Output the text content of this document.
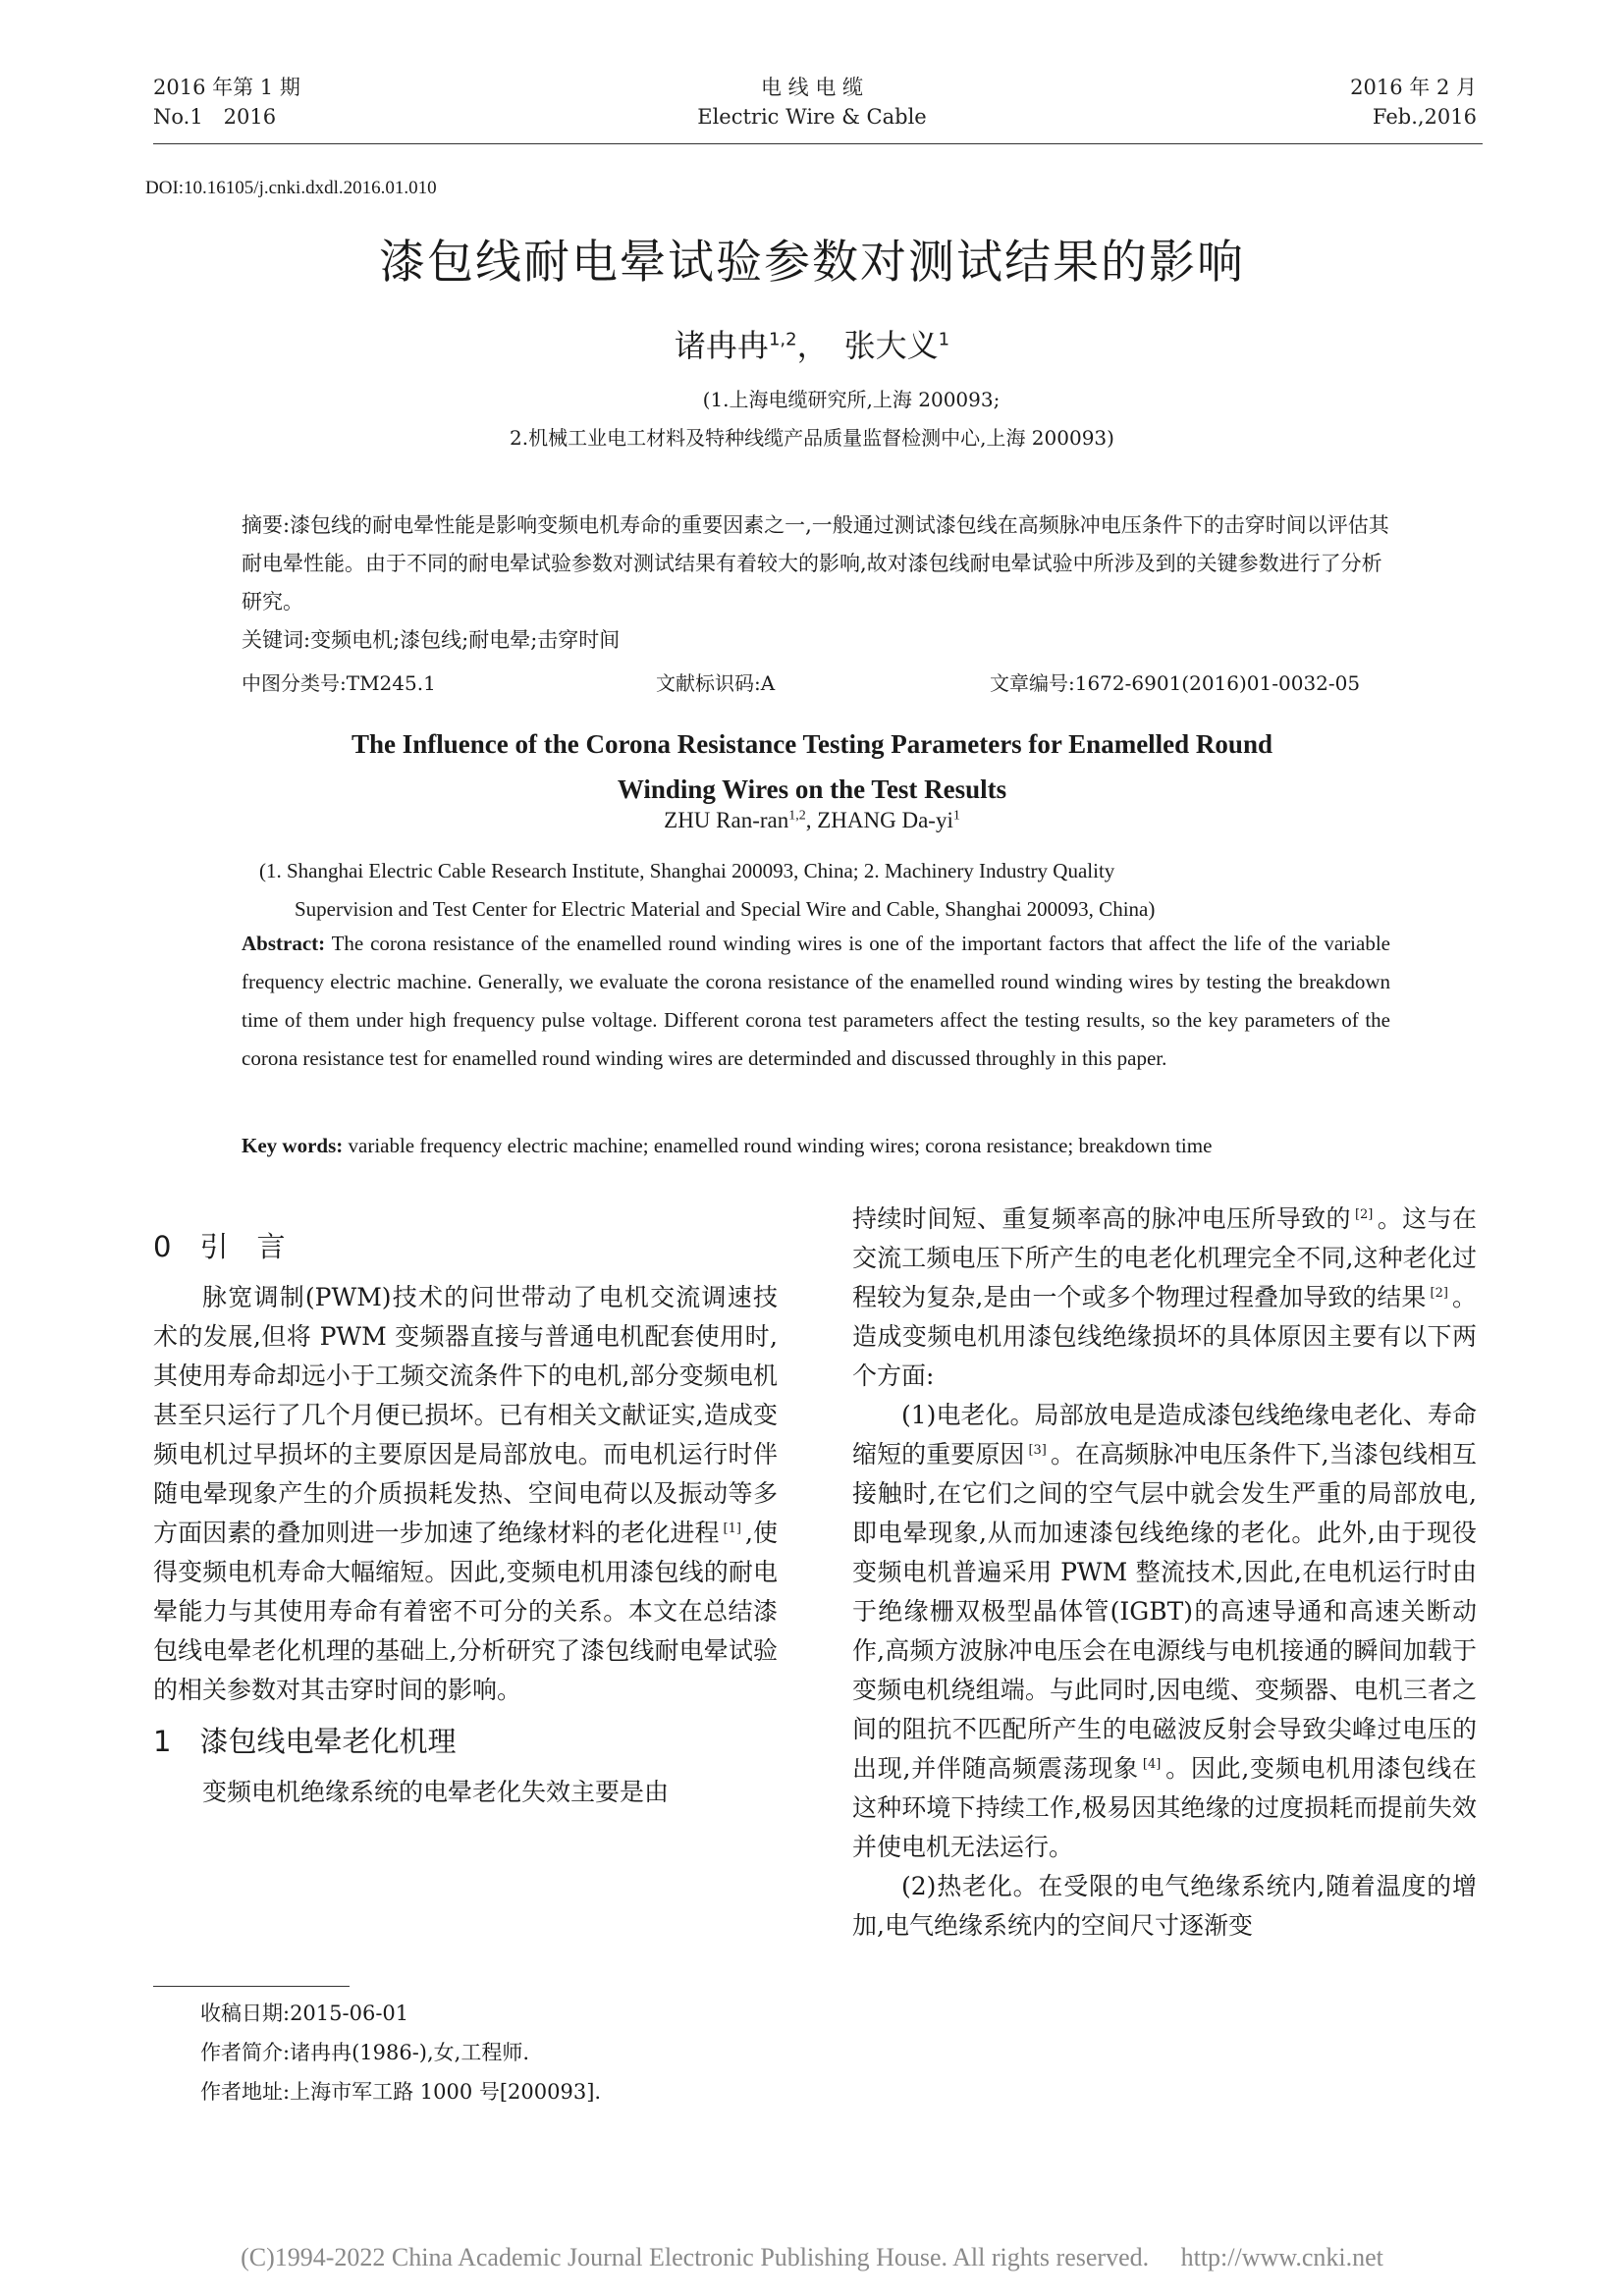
2016 年第 1 期
No.1　2016
电 线 电 缆
Electric Wire & Cable
2016 年 2 月
Feb.,2016
DOI:10.16105/j.cnki.dxdl.2016.01.010
漆包线耐电晕试验参数对测试结果的影响
诸冉冉$^{1,2}$，　张大义$^1$
(1.上海电缆研究所,上海 200093;
2.机械工业电工材料及特种线缆产品质量监督检测中心,上海 200093)

摘要:漆包线的耐电晕性能是影响变频电机寿命的重要因素之一,一般通过测试漆包线在高频脉冲电压条件下的击穿时间以评估其耐电晕性能。由于不同的耐电晕试验参数对测试结果有着较大的影响,故对漆包线耐电晕试验中所涉及到的关键参数进行了分析研究。

关键词:变频电机;漆包线;耐电晕;击穿时间
中图分类号:TM245.1	文献标识码:A	文章编号:1672-6901(2016)01-0032-05
The Influence of the Corona Resistance Testing Parameters for Enamelled Round
Winding Wires on the Test Results
ZHU Ran-ran$^{1,2}$, ZHANG $Da-yi^1$

(1. Shanghai Electric Cable Research Institute, Shanghai 200093, China; 2. Machinery Industry Quality

Supervision and Test Center for Electric Material and Special Wire and Cable, Shanghai 200093, China)

Abstract: The corona resistance of the enamelled round winding wires is one of the important factors that affect the life of the variable frequency electric machine. Generally, we evaluate the corona resistance of the enamelled round winding wires by testing the breakdown time of them under high frequency pulse voltage. Different corona test parameters affect the testing results, so the key parameters of the corona resistance test for enamelled round winding wires are determinded and discussed throughly in this paper.
Key words: variable frequency electric machine; enamelled round winding wires; corona resistance; breakdown time

0　引　言

脉宽调制(PWM)技术的问世带动了电机交流调速技术的发展,但将 PWM 变频器直接与普通电机配套使用时,其使用寿命却远小于工频交流条件下的电机,部分变频电机甚至只运行了几个月便已损坏。已有相关文献证实,造成变频电机过早损坏的主要原因是局部放电。而电机运行时伴随电晕现象产生的介质损耗发热、空间电荷以及振动等多方面因素的叠加则进一步加速了绝缘材料的老化进程 [1] ,使得变频电机寿命大幅缩短。因此,变频电机用漆包线的耐电晕能力与其使用寿命有着密不可分的关系。本文在总结漆包线电晕老化机理的基础上,分析研究了漆包线耐电晕试验的相关参数对其击穿时间的影响。

1　漆包线电晕老化机理

变频电机绝缘系统的电晕老化失效主要是由

持续时间短、重复频率高的脉冲电压所导致的 [2] 。这与在交流工频电压下所产生的电老化机理完全不同,这种老化过程较为复杂,是由一个或多个物理过程叠加导致的结果 [2] 。造成变频电机用漆包线绝缘损坏的具体原因主要有以下两个方面:

(1)电老化。局部放电是造成漆包线绝缘电老化、寿命缩短的重要原因 [3] 。在高频脉冲电压条件下,当漆包线相互接触时,在它们之间的空气层中就会发生严重的局部放电,即电晕现象,从而加速漆包线绝缘的老化。此外,由于现役变频电机普遍采用 PWM 整流技术,因此,在电机运行时由于绝缘栅双极型晶体管(IGBT)的高速导通和高速关断动作,高频方波脉冲电压会在电源线与电机接通的瞬间加载于变频电机绕组端。与此同时,因电缆、变频器、电机三者之间的阻抗不匹配所产生的电磁波反射会导致尖峰过电压的出现,并伴随高频震荡现象 [4] 。因此,变频电机用漆包线在这种环境下持续工作,极易因其绝缘的过度损耗而提前失效并使电机无法运行。

(2)热老化。在受限的电气绝缘系统内,随着温度的增加,电气绝缘系统内的空间尺寸逐渐变

收稿日期:2015-06-01

作者简介:诸冉冉(1986-),女,工程师.

作者地址:上海市军工路 1000 号[200093].

(C)1994-2022 China Academic Journal Electronic Publishing House. All rights reserved.　 http://www.cnki.net
